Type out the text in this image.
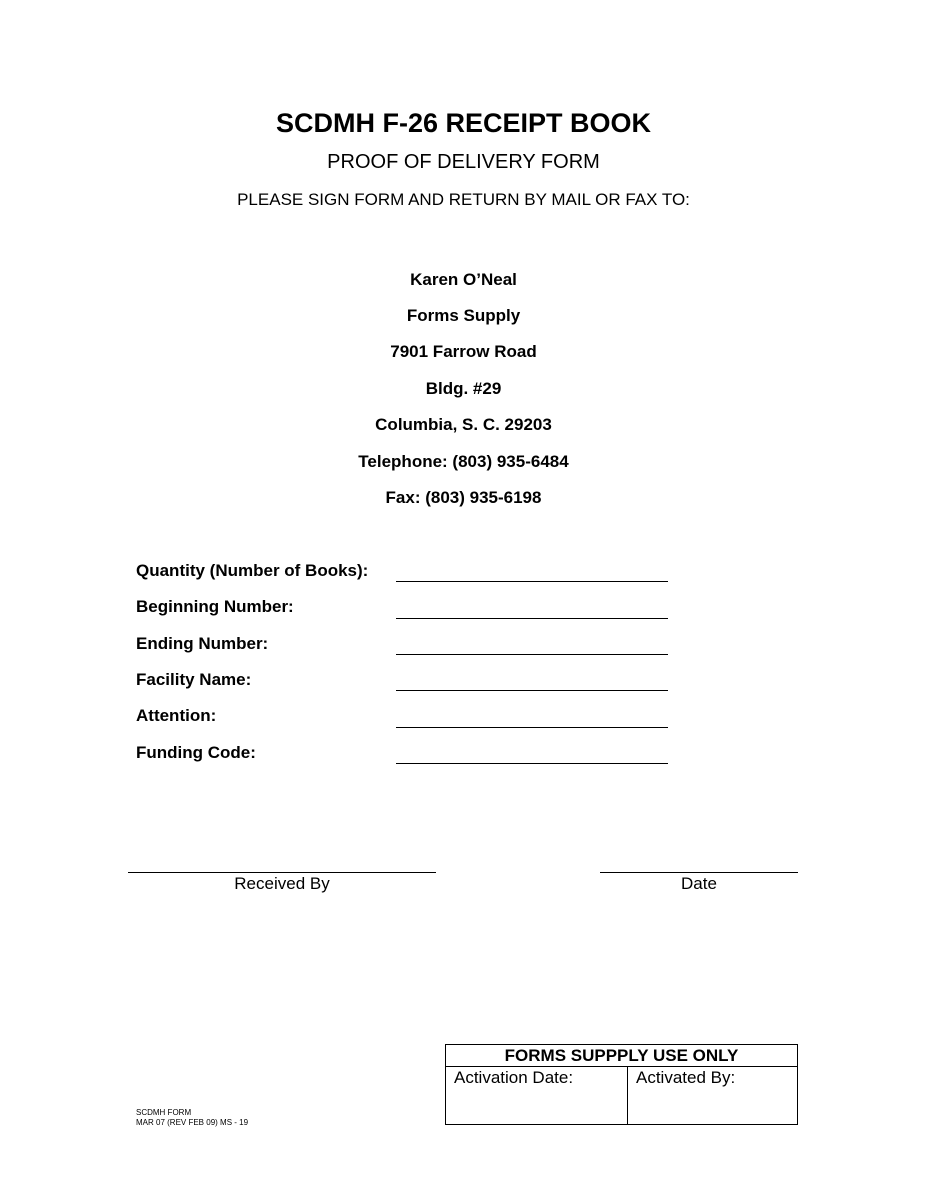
SCDMH F-26 RECEIPT BOOK
PROOF OF DELIVERY FORM
PLEASE SIGN FORM AND RETURN BY MAIL OR FAX TO:
Karen O’Neal
Forms Supply
7901 Farrow Road
Bldg. #29
Columbia, S. C. 29203
Telephone: (803) 935-6484
Fax: (803) 935-6198
Quantity (Number of Books):
Beginning Number:
Ending Number:
Facility Name:
Attention:
Funding Code:
Received By	Date
FORMS SUPPPLY USE ONLY
Activation Date:	Activated By:
SCDMH FORM
MAR 07 (REV FEB 09) MS - 19
